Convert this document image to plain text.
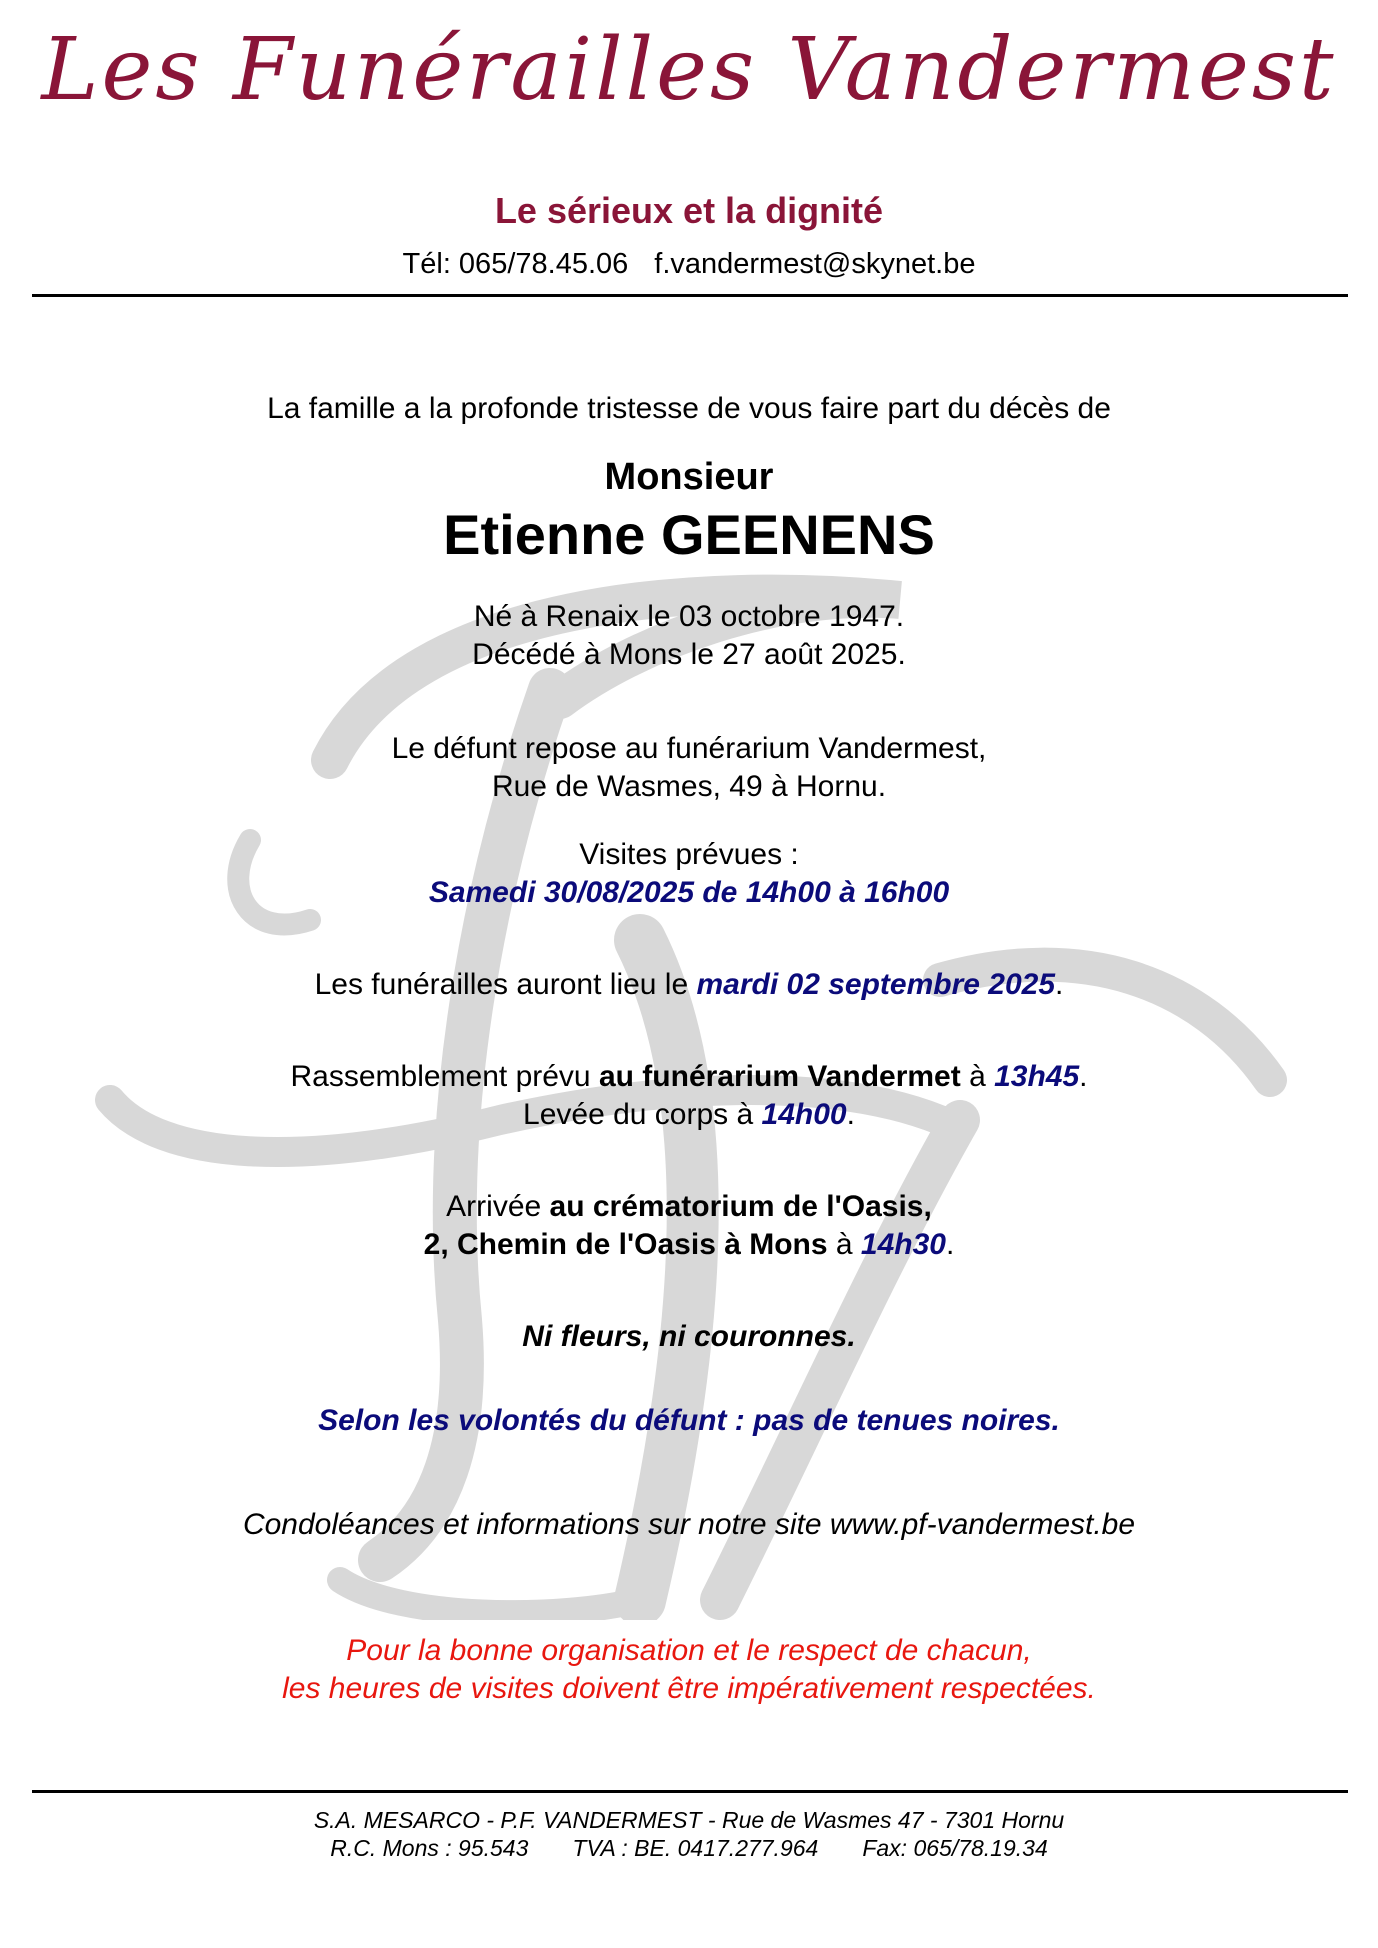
Les Funérailles Vandermest
Le sérieux et la dignité
Tél: 065/78.45.06 f.vandermest@skynet.be
La famille a la profonde tristesse de vous faire part du décès de
Monsieur
Etienne GEENENS
Né à Renaix le 03 octobre 1947.
Décédé à Mons le 27 août 2025.
Le défunt repose au funérarium Vandermest,
Rue de Wasmes, 49 à Hornu.
Visites prévues :
Samedi 30/08/2025 de 14h00 à 16h00
Les funérailles auront lieu le mardi 02 septembre 2025.
Rassemblement prévu au funérarium Vandermet à 13h45.
Levée du corps à 14h00.
Arrivée au crématorium de l'Oasis,
2, Chemin de l'Oasis à Mons à 14h30.
Ni fleurs, ni couronnes.
Selon les volontés du défunt : pas de tenues noires.
Condoléances et informations sur notre site www.pf-vandermest.be
Pour la bonne organisation et le respect de chacun,
les heures de visites doivent être impérativement respectées.
S.A. MESARCO - P.F. VANDERMEST - Rue de Wasmes 47 - 7301 Hornu
R.C. Mons : 95.543 TVA : BE. 0417.277.964 Fax: 065/78.19.34
